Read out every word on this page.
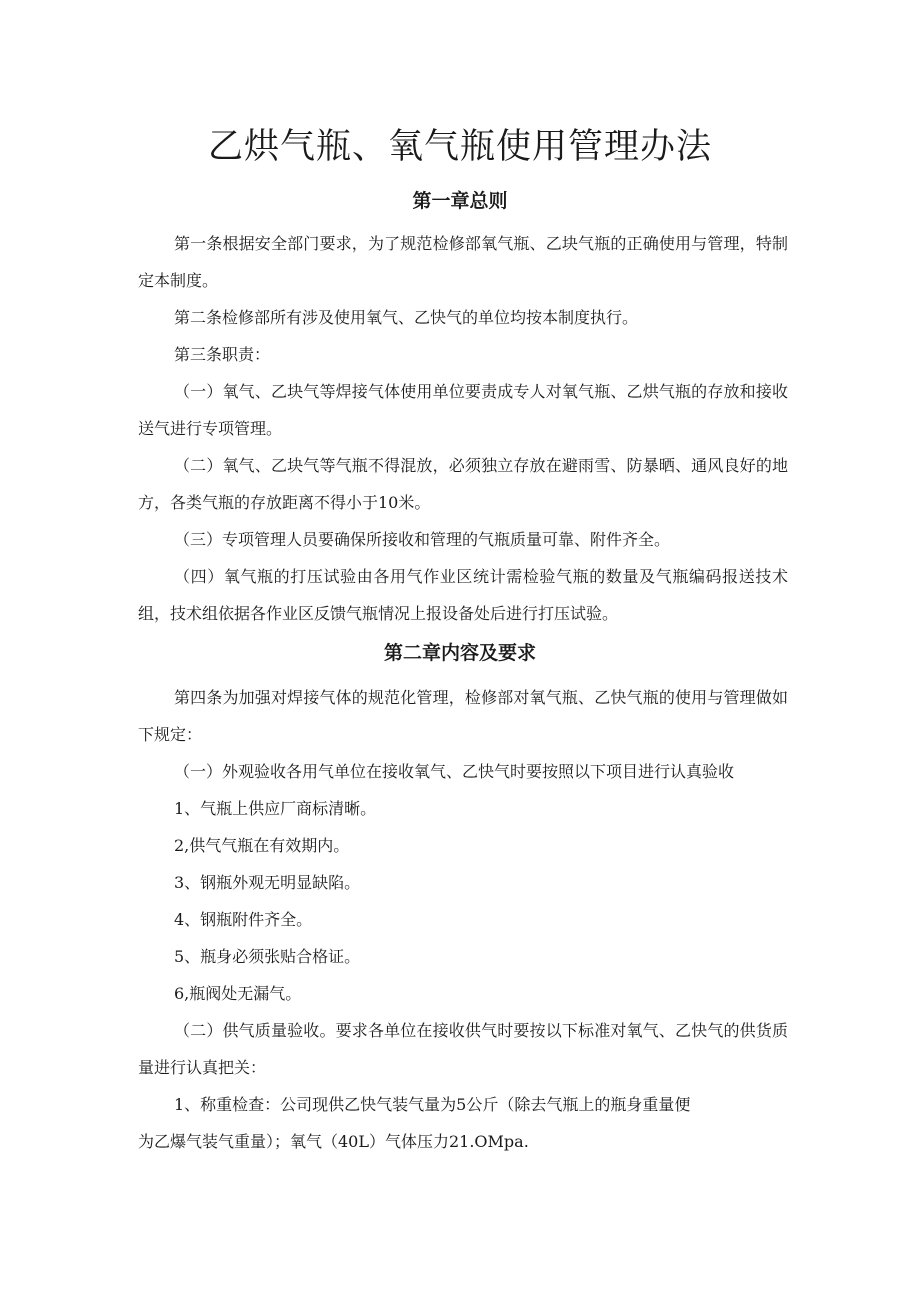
乙烘气瓶、氧气瓶使用管理办法
第一章总则

第一条根据安全部门要求，为了规范检修部氧气瓶、乙块气瓶的正确使用与管理，特制定本制度。

第二条检修部所有涉及使用氧气、乙快气的单位均按本制度执行。

第三条职责：

（一）氧气、乙块气等焊接气体使用单位要责成专人对氧气瓶、乙烘气瓶的存放和接收送气进行专项管理。

（二）氧气、乙块气等气瓶不得混放，必须独立存放在避雨雪、防暴晒、通风良好的地方，各类气瓶的存放距离不得小于10米。

（三）专项管理人员要确保所接收和管理的气瓶质量可靠、附件齐全。

（四）氧气瓶的打压试验由各用气作业区统计需检验气瓶的数量及气瓶编码报送技术组，技术组依据各作业区反馈气瓶情况上报设备处后进行打压试验。

第二章内容及要求

第四条为加强对焊接气体的规范化管理，检修部对氧气瓶、乙快气瓶的使用与管理做如下规定：

（一）外观验收各用气单位在接收氧气、乙快气时要按照以下项目进行认真验收

1、气瓶上供应厂商标清晰。

2,供气气瓶在有效期内。

3、钢瓶外观无明显缺陷。

4、钢瓶附件齐全。

5、瓶身必须张贴合格证。

6,瓶阀处无漏气。

（二）供气质量验收。要求各单位在接收供气时要按以下标准对氧气、乙快气的供货质量进行认真把关：

1、称重检查：公司现供乙快气装气量为5公斤（除去气瓶上的瓶身重量便

为乙爆气装气重量）；氧气（40L）气体压力21.OMpa.
